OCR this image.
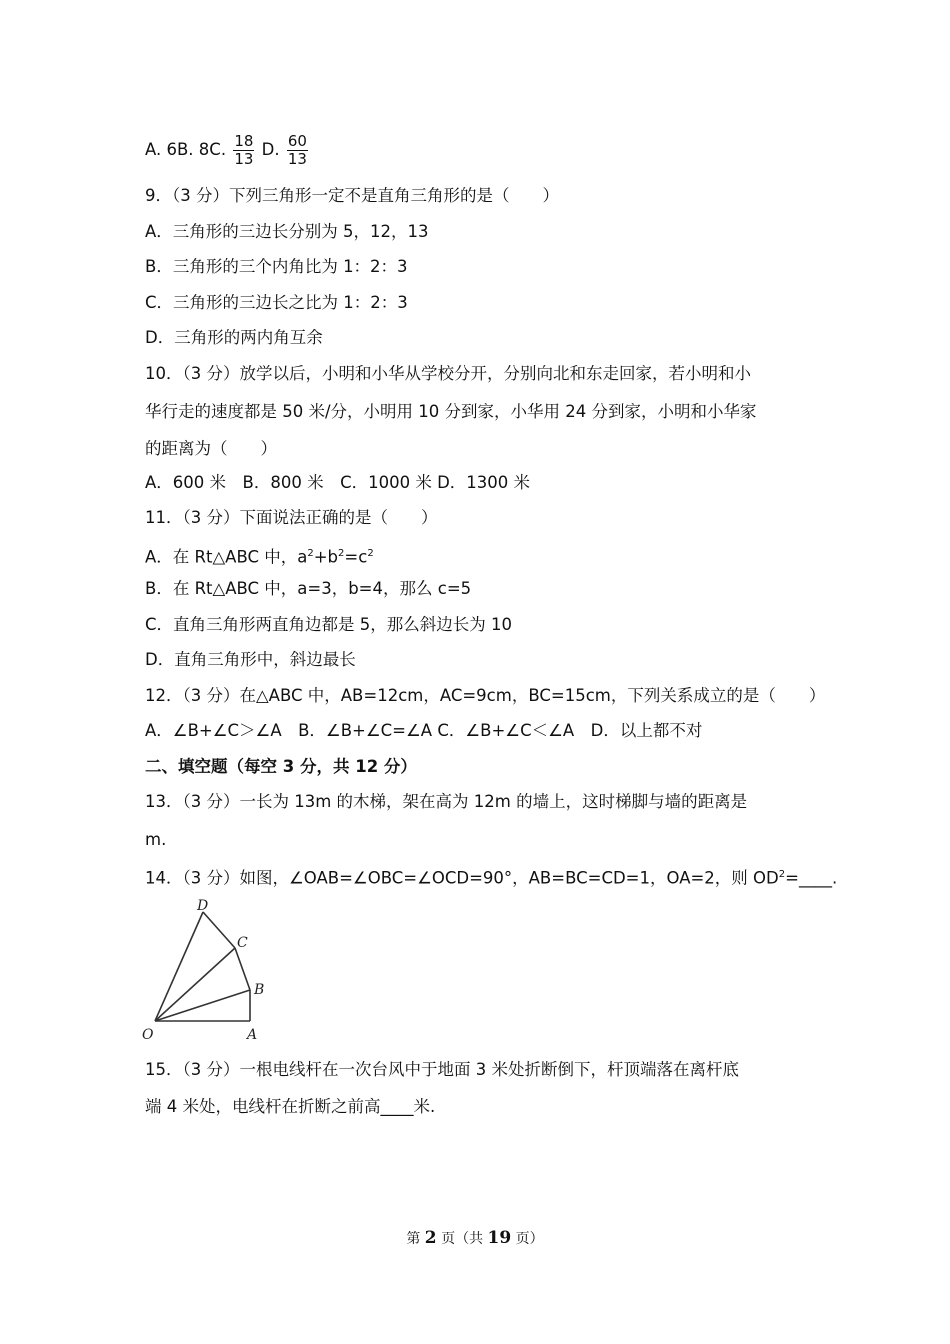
A. 6B. 8C. $\frac{18}{13} D$. $\frac{60}{13}$
9．（3 分）下列三角形一定不是直角三角形的是（　　）
A．三角形的三边长分别为 5，12，13
B．三角形的三个内角比为 1：2：3
C．三角形的三边长之比为 1：2：3
D．三角形的两内角互余
10．（3 分）放学以后，小明和小华从学校分开，分别向北和东走回家，若小明和小
华行走的速度都是 50 米/分，小明用 10 分到家，小华用 24 分到家，小明和小华家
的距离为（　　）
A．600 米　B．800 米　C．1000 米 D．1300 米
11．（3 分）下面说法正确的是（　　）
A．在 Rt△ABC 中，$a^2+b^2=c^2$
B．在 Rt△ABC 中，a=3，b=4，那么 c=5
C．直角三角形两直角边都是 5，那么斜边长为 10
D．直角三角形中，斜边最长
12．（3 分）在△ABC 中，AB=12cm，AC=9cm，BC=15cm，下列关系成立的是（　　）
A．∠B+∠C＞∠A　B．∠B+∠C=∠A C．∠B+∠C＜∠A　D．以上都不对
二、填空题（每空 3 分，共 12 分）
13．（3 分）一长为 13m 的木梯，架在高为 12m 的墙上，这时梯脚与墙的距离是
m.
14．（3 分）如图，∠OAB=∠OBC=∠OCD=90°，AB=BC=CD=1，OA=2，则 $OD^2=\_\_\_\_$.
D
C
B
O	A
15．（3 分）一根电线杆在一次台风中于地面 3 米处折断倒下，杆顶端落在离杆底
端 4 米处，电线杆在折断之前高____米.
第 2 页（共 19 页）
